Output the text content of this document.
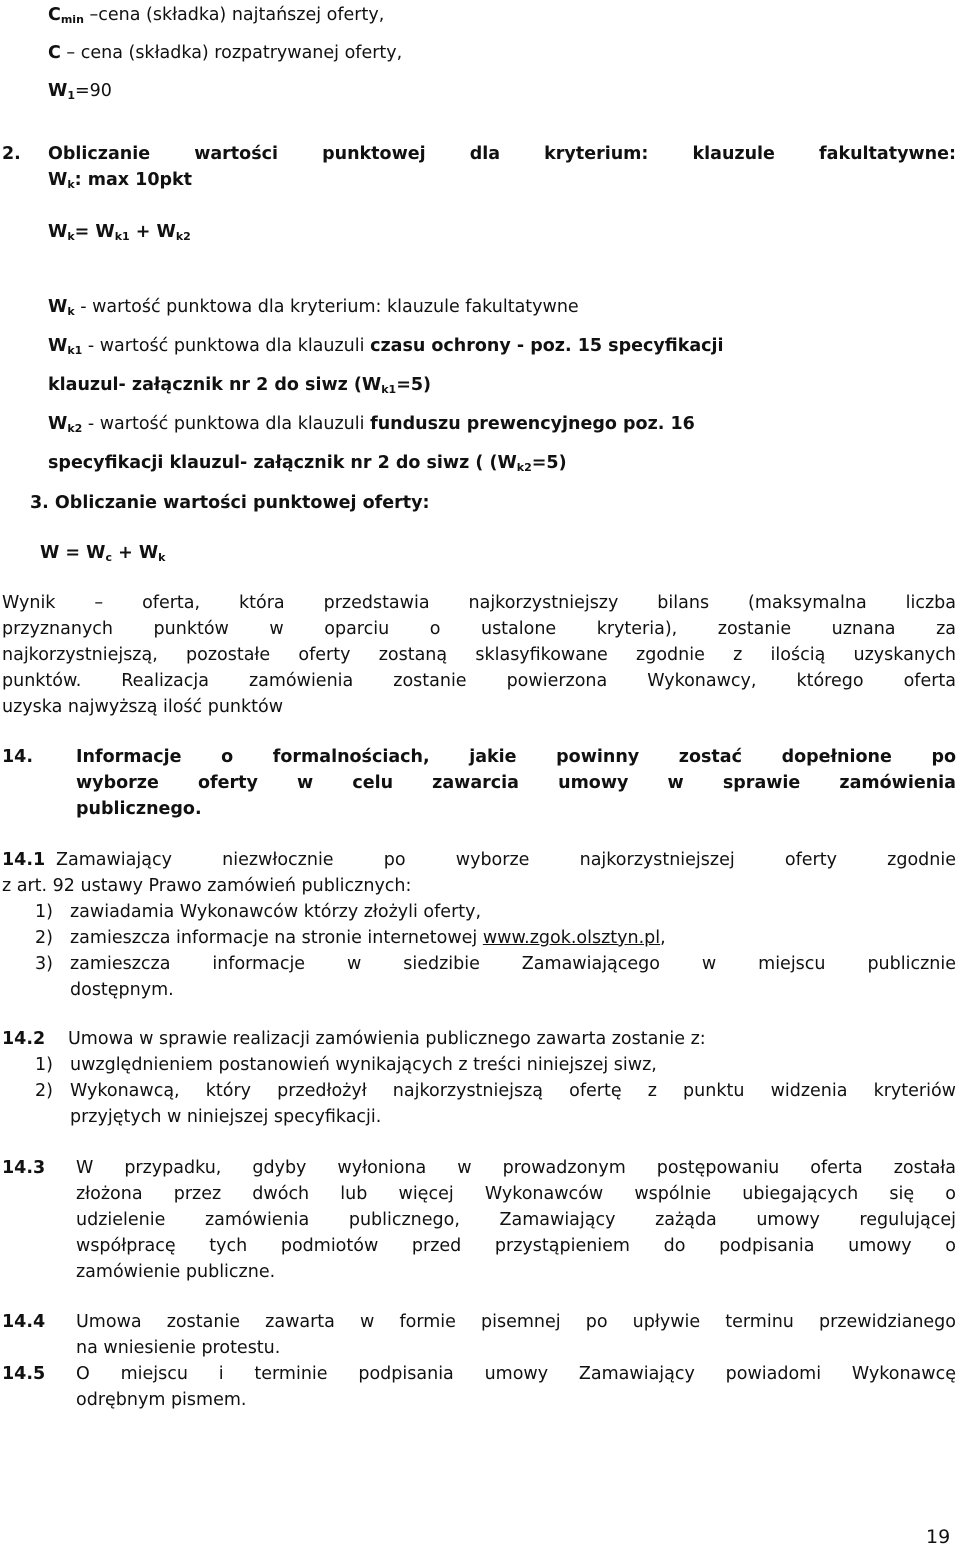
$C_{min}$ –cena (składka) najtańszej oferty,
C – cena (składka) rozpatrywanej oferty,
$W_1=90$
2. Obliczanie wartości punktowej dla kryterium: klauzule fakultatywne:
$W_k$: max 10pkt
$W_k= W_{k1} + W_{k2}$
$W_k$ - wartość punktowa dla kryterium: klauzule fakultatywne
$W_{k1}$ - wartość punktowa dla klauzuli czasu ochrony - poz. 15 specyfikacji
klauzul- załącznik nr 2 do siwz $(W_{k1}=5)$
$W_{k2}$ - wartość punktowa dla klauzuli funduszu prewencyjnego poz. 16
specyfikacji klauzul- załącznik nr 2 do siwz ( $(W_{k2}=5)$
3. Obliczanie wartości punktowej oferty:
$W = W_c + W_k$
Wynik – oferta, która przedstawia najkorzystniejszy bilans (maksymalna liczba
przyznanych punktów w oparciu o ustalone kryteria), zostanie uznana za
najkorzystniejszą, pozostałe oferty zostaną sklasyfikowane zgodnie z ilością uzyskanych
punktów. Realizacja zamówienia zostanie powierzona Wykonawcy, którego oferta
uzyska najwyższą ilość punktów
14. Informacje o formalnościach, jakie powinny zostać dopełnione po
wyborze oferty w celu zawarcia umowy w sprawie zamówienia
publicznego.
14.1 Zamawiający niezwłocznie po wyborze najkorzystniejszej oferty zgodnie
z art. 92 ustawy Prawo zamówień publicznych:
1) zawiadamia Wykonawców którzy złożyli oferty,
2) zamieszcza informacje na stronie internetowej www.zgok.olsztyn.pl,
3) zamieszcza informacje w siedzibie Zamawiającego w miejscu publicznie
dostępnym.
14.2 Umowa w sprawie realizacji zamówienia publicznego zawarta zostanie z:
1) uwzględnieniem postanowień wynikających z treści niniejszej siwz,
2) Wykonawcą, który przedłożył najkorzystniejszą ofertę z punktu widzenia kryteriów
przyjętych w niniejszej specyfikacji.
14.3 W przypadku, gdyby wyłoniona w prowadzonym postępowaniu oferta została
złożona przez dwóch lub więcej Wykonawców wspólnie ubiegających się o
udzielenie zamówienia publicznego, Zamawiający zażąda umowy regulującej
współpracę tych podmiotów przed przystąpieniem do podpisania umowy o
zamówienie publiczne.
14.4 Umowa zostanie zawarta w formie pisemnej po upływie terminu przewidzianego
na wniesienie protestu.
14.5 O miejscu i terminie podpisania umowy Zamawiający powiadomi Wykonawcę
odrębnym pismem.
19
